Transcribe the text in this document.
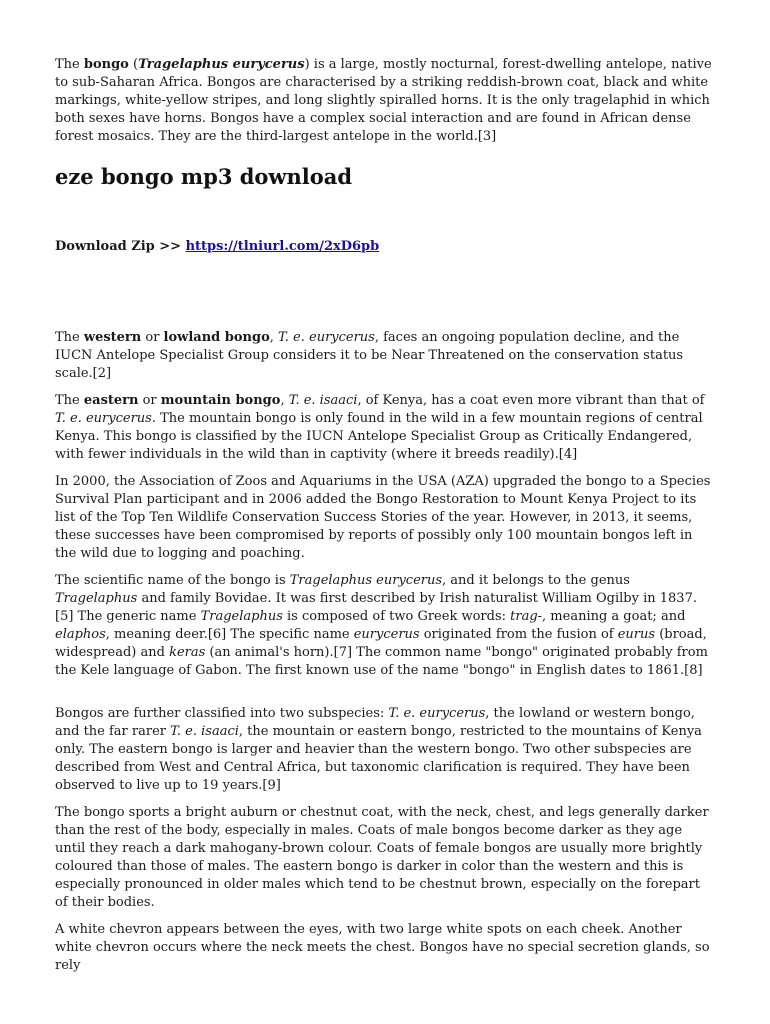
The bongo (Tragelaphus eurycerus) is a large, mostly nocturnal, forest-dwelling antelope, native to sub-Saharan Africa. Bongos are characterised by a striking reddish-brown coat, black and white markings, white-yellow stripes, and long slightly spiralled horns. It is the only tragelaphid in which both sexes have horns. Bongos have a complex social interaction and are found in African dense forest mosaics. They are the third-largest antelope in the world.[3]

eze bongo mp3 download

Download Zip >> https://tlniurl.com/2xD6pb

The western or lowland bongo, T. e. eurycerus, faces an ongoing population decline, and the IUCN Antelope Specialist Group considers it to be Near Threatened on the conservation status scale.[2]

The eastern or mountain bongo, T. e. isaaci, of Kenya, has a coat even more vibrant than that of T. e. eurycerus. The mountain bongo is only found in the wild in a few mountain regions of central Kenya. This bongo is classified by the IUCN Antelope Specialist Group as Critically Endangered, with fewer individuals in the wild than in captivity (where it breeds readily).[4]

In 2000, the Association of Zoos and Aquariums in the USA (AZA) upgraded the bongo to a Species Survival Plan participant and in 2006 added the Bongo Restoration to Mount Kenya Project to its list of the Top Ten Wildlife Conservation Success Stories of the year. However, in 2013, it seems, these successes have been compromised by reports of possibly only 100 mountain bongos left in the wild due to logging and poaching.

The scientific name of the bongo is Tragelaphus eurycerus, and it belongs to the genus Tragelaphus and family Bovidae. It was first described by Irish naturalist William Ogilby in 1837.[5] The generic name Tragelaphus is composed of two Greek words: trag-, meaning a goat; and elaphos, meaning deer.[6] The specific name eurycerus originated from the fusion of eurus (broad, widespread) and keras (an animal's horn).[7] The common name "bongo" originated probably from the Kele language of Gabon. The first known use of the name "bongo" in English dates to 1861.[8]

Bongos are further classified into two subspecies: T. e. eurycerus, the lowland or western bongo, and the far rarer T. e. isaaci, the mountain or eastern bongo, restricted to the mountains of Kenya only. The eastern bongo is larger and heavier than the western bongo. Two other subspecies are described from West and Central Africa, but taxonomic clarification is required. They have been observed to live up to 19 years.[9]

The bongo sports a bright auburn or chestnut coat, with the neck, chest, and legs generally darker than the rest of the body, especially in males. Coats of male bongos become darker as they age until they reach a dark mahogany-brown colour. Coats of female bongos are usually more brightly coloured than those of males. The eastern bongo is darker in color than the western and this is especially pronounced in older males which tend to be chestnut brown, especially on the forepart of their bodies.

A white chevron appears between the eyes, with two large white spots on each cheek. Another white chevron occurs where the neck meets the chest. Bongos have no special secretion glands, so rely
